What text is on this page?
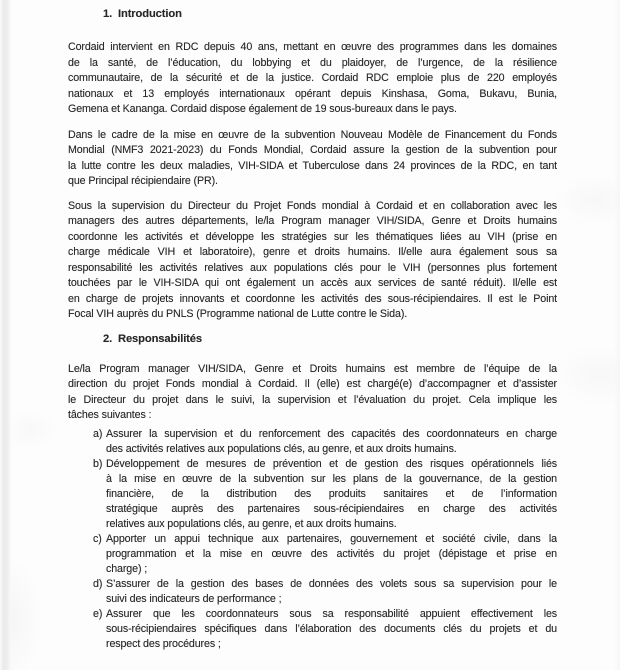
1. Introduction
Cordaid intervient en RDC depuis 40 ans, mettant en œuvre des programmes dans les domaines
de la santé, de l’éducation, du lobbying et du plaidoyer, de l’urgence, de la résilience
communautaire, de la sécurité et de la justice. Cordaid RDC emploie plus de 220 employés
nationaux et 13 employés internationaux opérant depuis Kinshasa, Goma, Bukavu, Bunia,
Gemena et Kananga. Cordaid dispose également de 19 sous-bureaux dans le pays.
Dans le cadre de la mise en œuvre de la subvention Nouveau Modèle de Financement du Fonds
Mondial (NMF3 2021-2023) du Fonds Mondial, Cordaid assure la gestion de la subvention pour
la lutte contre les deux maladies, VIH-SIDA et Tuberculose dans 24 provinces de la RDC, en tant
que Principal récipiendaire (PR).
Sous la supervision du Directeur du Projet Fonds mondial à Cordaid et en collaboration avec les
managers des autres départements, le/la Program manager VIH/SIDA, Genre et Droits humains
coordonne les activités et développe les stratégies sur les thématiques liées au VIH (prise en
charge médicale VIH et laboratoire), genre et droits humains. Il/elle aura également sous sa
responsabilité les activités relatives aux populations clés pour le VIH (personnes plus fortement
touchées par le VIH-SIDA qui ont également un accès aux services de santé réduit). Il/elle est
en charge de projets innovants et coordonne les activités des sous-récipiendaires. Il est le Point
Focal VIH auprès du PNLS (Programme national de Lutte contre le Sida).
2. Responsabilités
Le/la Program manager VIH/SIDA, Genre et Droits humains est membre de l’équipe de la
direction du projet Fonds mondial à Cordaid. Il (elle) est chargé(e) d’accompagner et d’assister
le Directeur du projet dans le suivi, la supervision et l’évaluation du projet. Cela implique les
tâches suivantes :
a) Assurer la supervision et du renforcement des capacités des coordonnateurs en charge
des activités relatives aux populations clés, au genre, et aux droits humains.
b) Développement de mesures de prévention et de gestion des risques opérationnels liés
à la mise en œuvre de la subvention sur les plans de la gouvernance, de la gestion
financière, de la distribution des produits sanitaires et de l’information
stratégique auprès des partenaires sous-récipiendaires en charge des activités
relatives aux populations clés, au genre, et aux droits humains.
c) Apporter un appui technique aux partenaires, gouvernement et société civile, dans la
programmation et la mise en œuvre des activités du projet (dépistage et prise en
charge) ;
d) S’assurer de la gestion des bases de données des volets sous sa supervision pour le
suivi des indicateurs de performance ;
e) Assurer que les coordonnateurs sous sa responsabilité appuient effectivement les
sous-récipiendaires spécifiques dans l’élaboration des documents clés du projets et du
respect des procédures ;
